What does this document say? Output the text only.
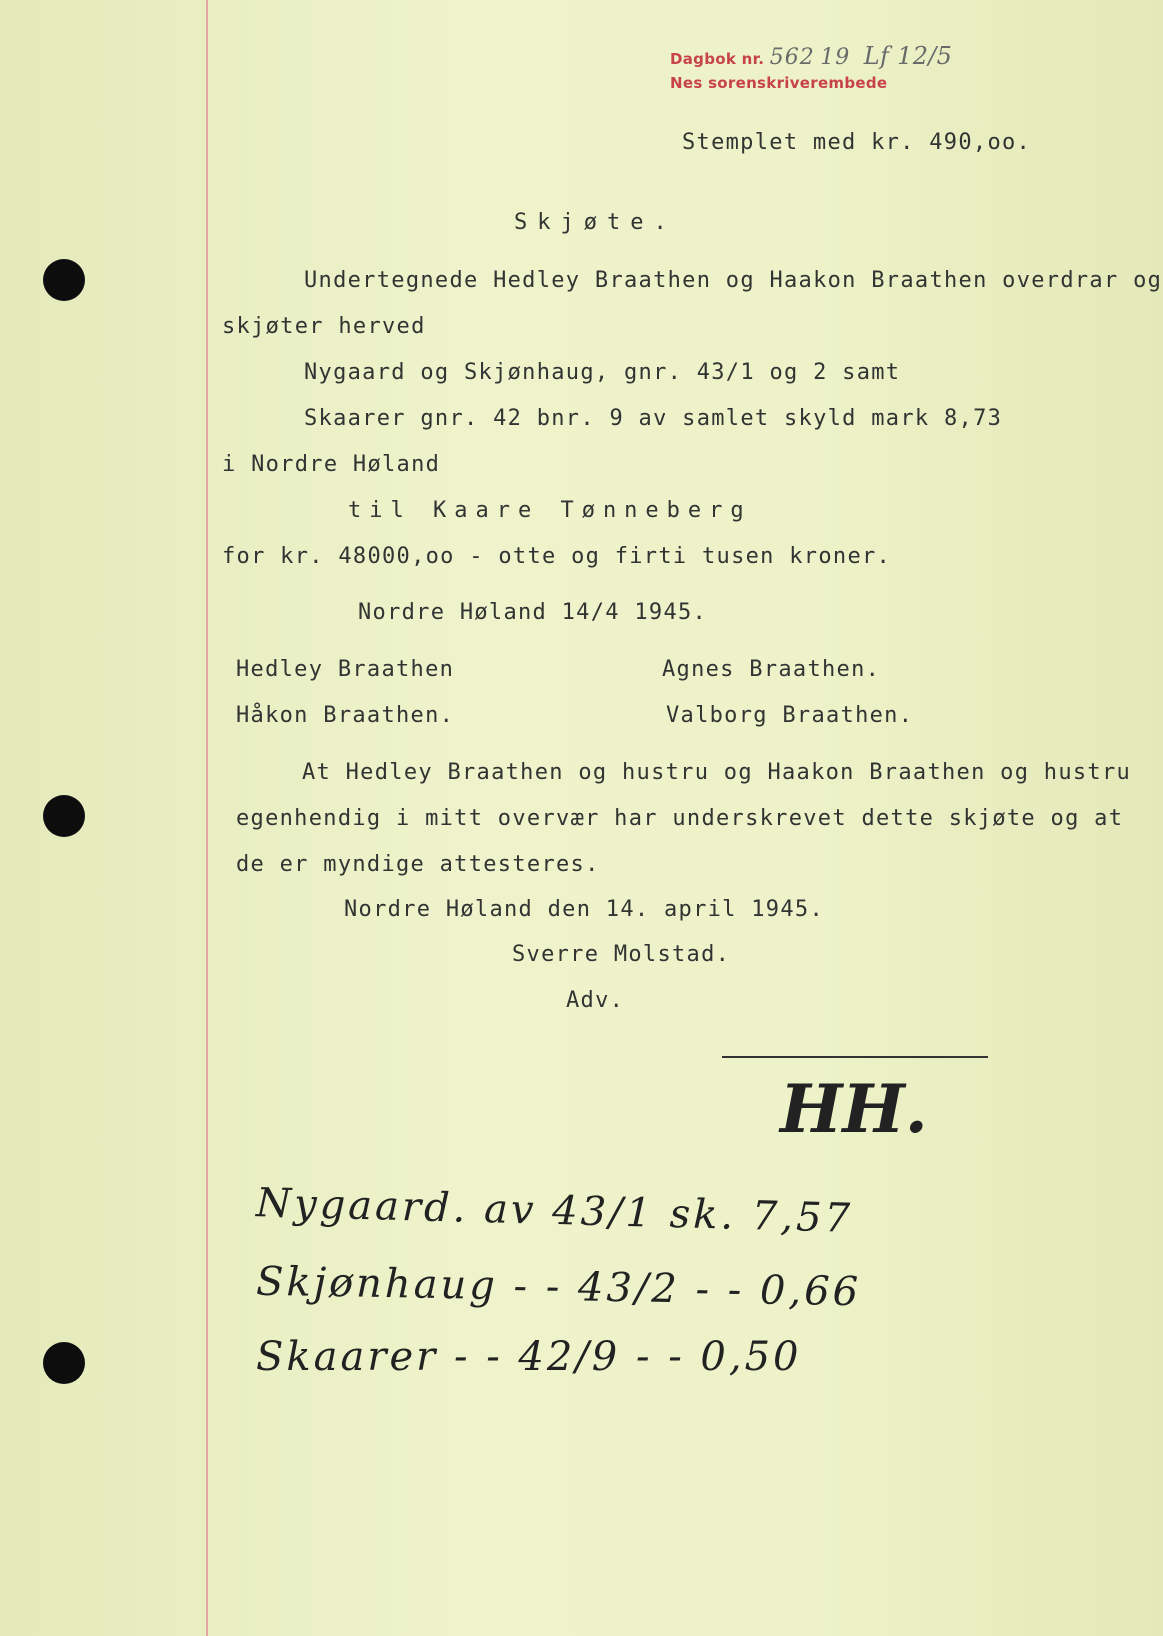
Dagbok nr. 562 19 Lf 12/5
Nes sorenskriverembede
Stemplet med kr. 490,oo.
Skjøte.
Undertegnede Hedley Braathen og Haakon Braathen overdrar og
skjøter herved
Nygaard og Skjønhaug, gnr. 43/1 og 2 samt
Skaarer gnr. 42 bnr. 9 av samlet skyld mark 8,73
i Nordre Høland
til Kaare Tønneberg
for kr. 48000,oo - otte og firti tusen kroner.
Nordre Høland 14/4 1945.
Hedley Braathen
Håkon Braathen.
Agnes Braathen.
Valborg Braathen.
At Hedley Braathen og hustru og Haakon Braathen og hustru
egenhendig i mitt overvær har underskrevet dette skjøte og at
de er myndige attesteres.
Nordre Høland den 14. april 1945.
Sverre Molstad.
Adv.
HH.
Nygaard. av 43/1 sk. 7,57
Skjønhaug - - 43/2 - - 0,66
Skaarer - - 42/9 - - 0,50
